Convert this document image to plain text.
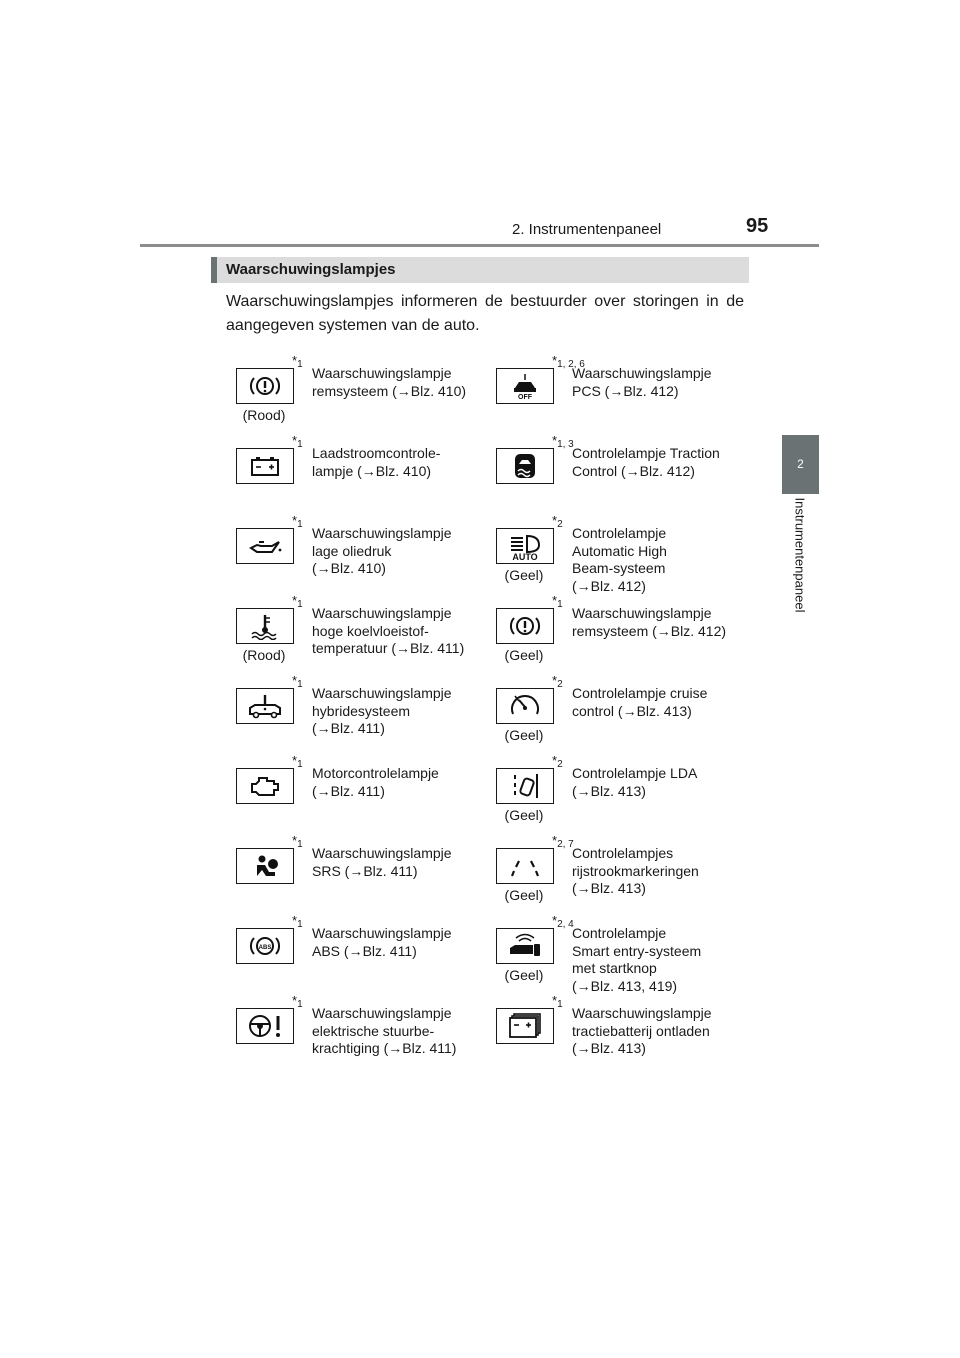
2. Instrumentenpaneel	95
2
Instrumentenpaneel
Waarschuwingslampjes

Waarschuwingslampjes informeren de bestuurder over storingen in de aangegeven systemen van de auto.

$*_1$
(Rood)

Waarschuwingslampje
remsysteem (→Blz. 410)

$*_{1, 2, 6}$
OFF

Waarschuwingslampje
PCS (→Blz. 412)

$*_1$

Laadstroomcontrole-
lampje (→Blz. 410)

$*_{1, 3}$

Controlelampje Traction
Control (→Blz. 412)

$*_1$

Waarschuwingslampje
lage oliedruk
(→Blz. 410)

$*_2$
AUTO
(Geel)

Controlelampje
Automatic High
Beam-systeem
(→Blz. 412)

$*_1$
(Rood)

Waarschuwingslampje
hoge koelvloeistof-
temperatuur (→Blz. 411)

$*_1$
(Geel)

Waarschuwingslampje
remsysteem (→Blz. 412)

$*_1$

Waarschuwingslampje
hybridesysteem
(→Blz. 411)

$*_2$
(Geel)

Controlelampje cruise
control (→Blz. 413)

$*_1$

Motorcontrolelampje
(→Blz. 411)

$*_2$
(Geel)

Controlelampje LDA
(→Blz. 413)

$*_1$

Waarschuwingslampje
SRS (→Blz. 411)

$*_{2, 7}$
(Geel)

Controlelampjes
rijstrookmarkeringen
(→Blz. 413)

$*_1$
ABS

Waarschuwingslampje
ABS (→Blz. 411)

$*_{2, 4}$
(Geel)

Controlelampje
Smart entry-systeem
met startknop
(→Blz. 413, 419)

$*_1$

Waarschuwingslampje
elektrische stuurbe-
krachtiging (→Blz. 411)

$*_1$

Waarschuwingslampje
tractiebatterij ontladen
(→Blz. 413)
